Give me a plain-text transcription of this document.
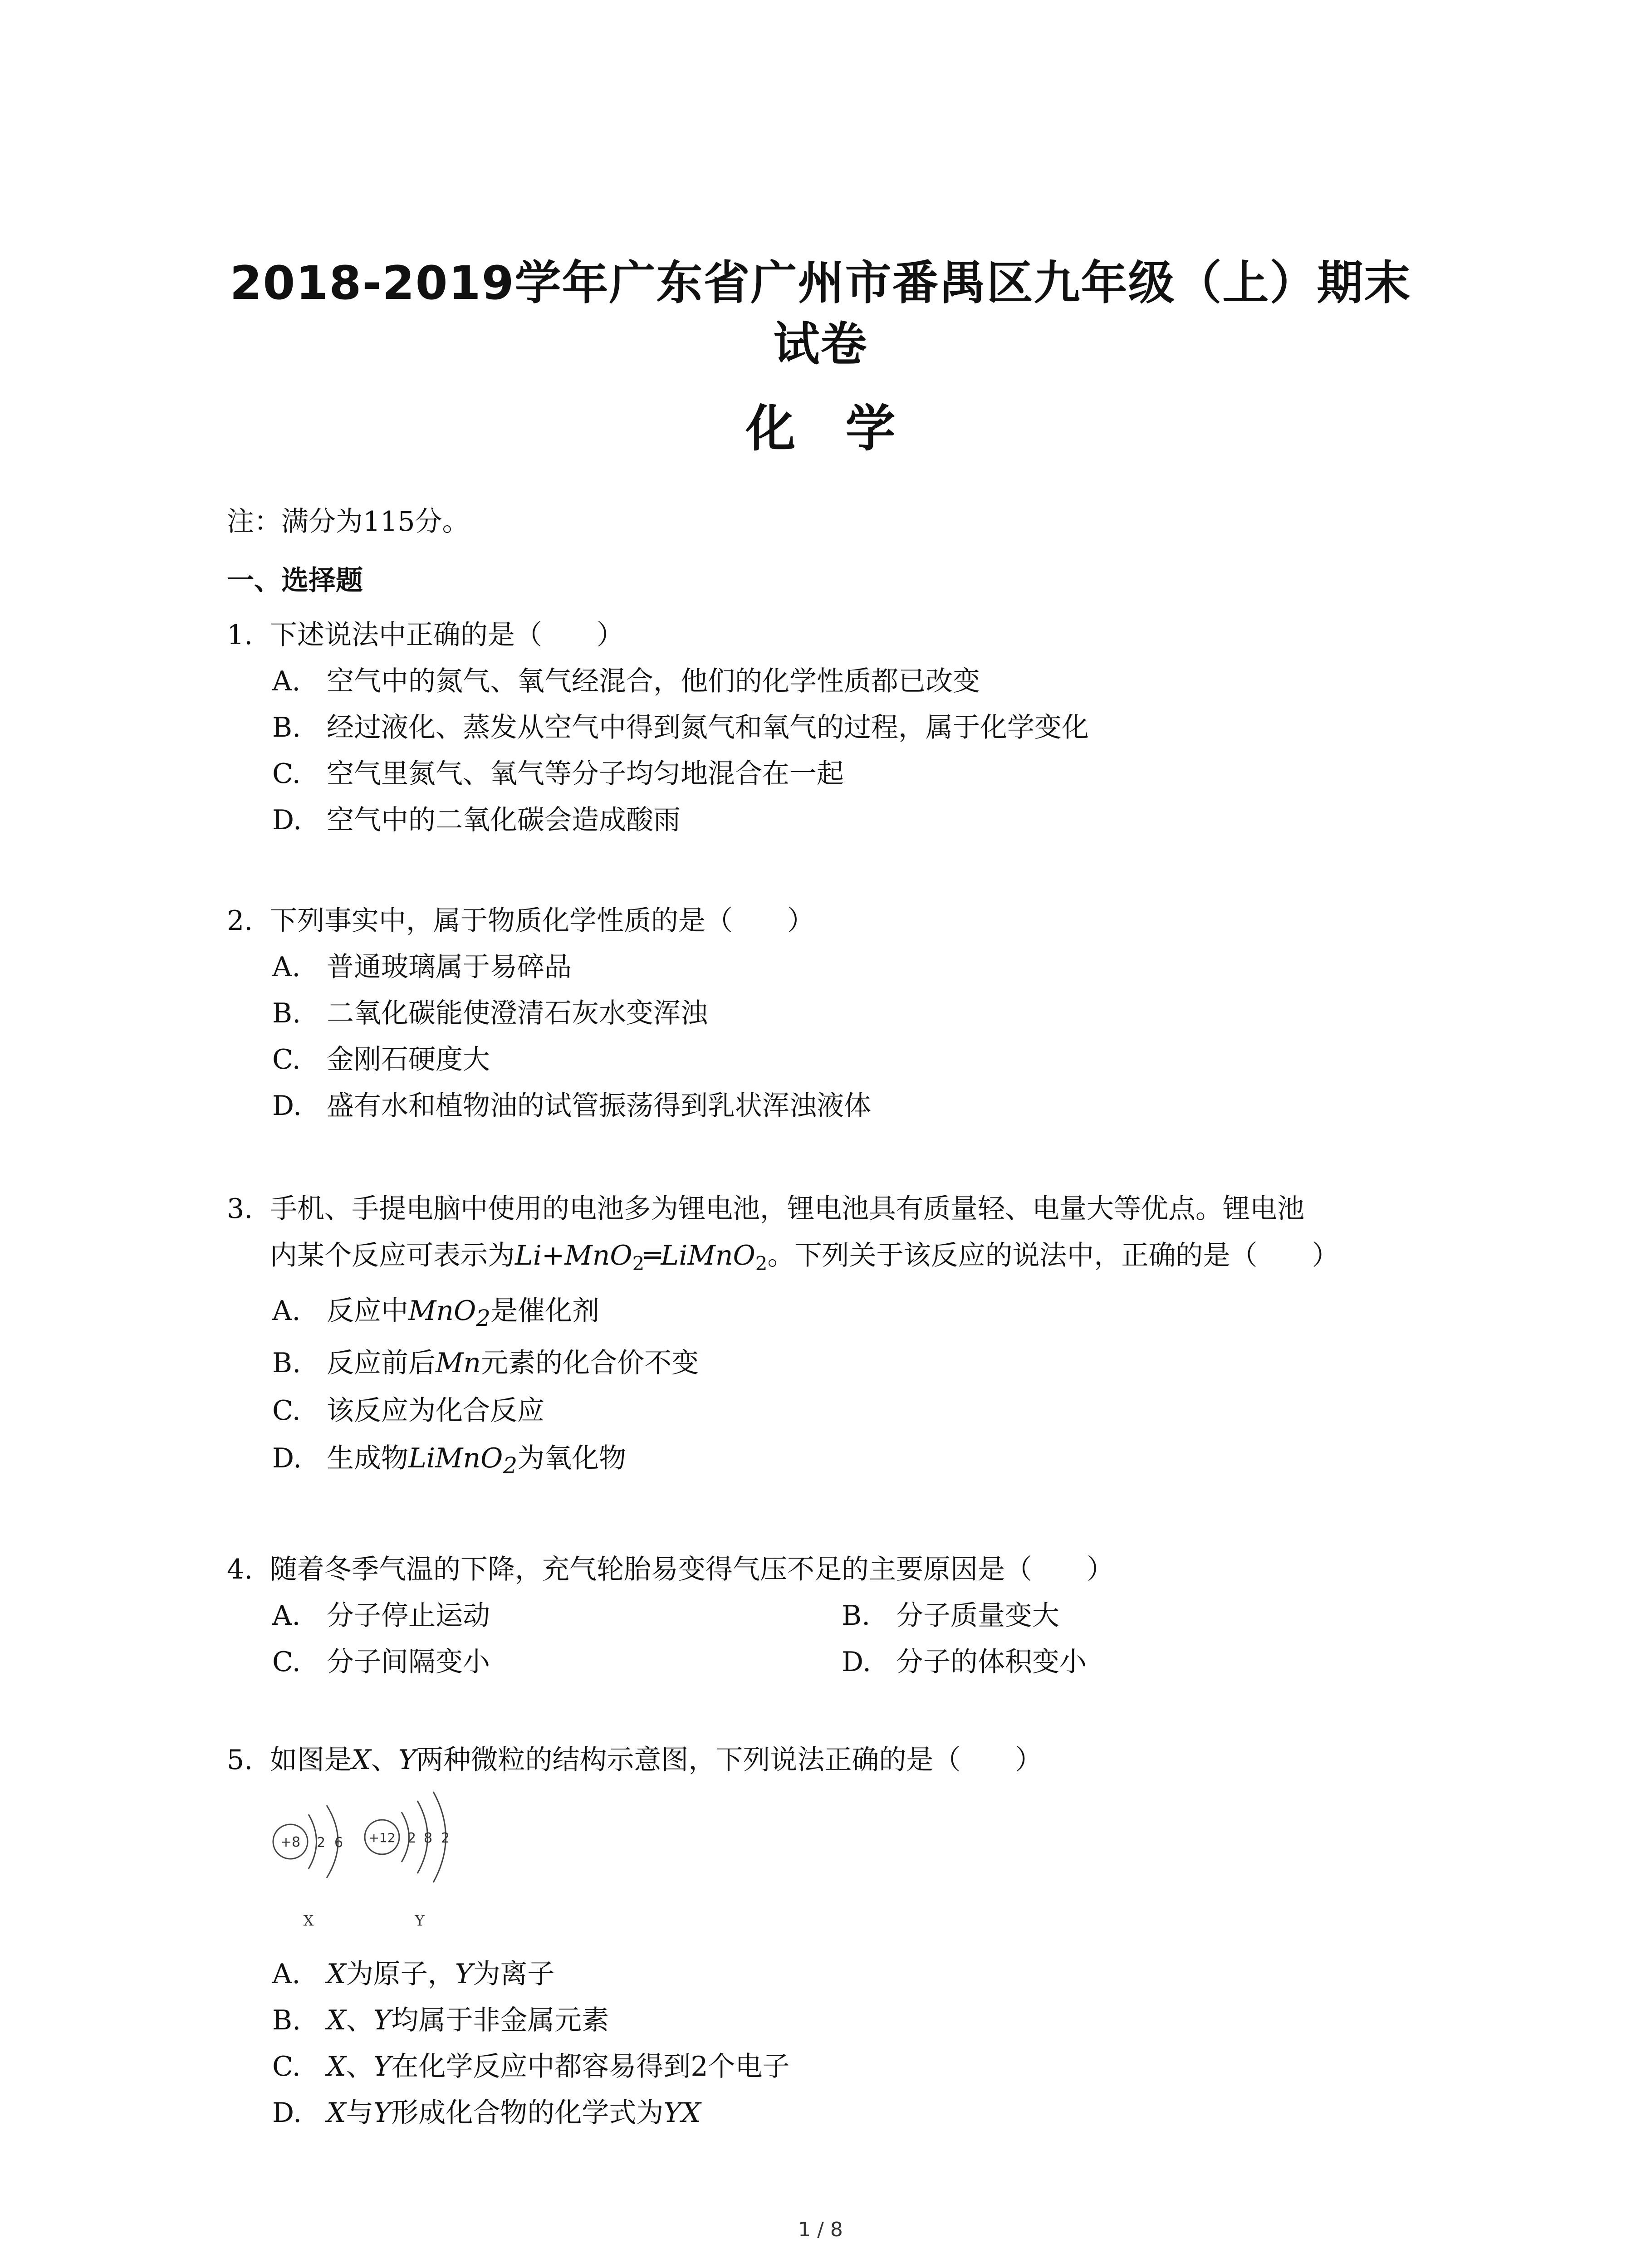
2018-2019学年广东省广州市番禺区九年级（上）期末
试卷
化 学
注：满分为115分。
一、选择题
1. 下述说法中正确的是（　　）
A. 空气中的氮气、氧气经混合，他们的化学性质都已改变
B. 经过液化、蒸发从空气中得到氮气和氧气的过程，属于化学变化
C. 空气里氮气、氧气等分子均匀地混合在一起
D. 空气中的二氧化碳会造成酸雨
2. 下列事实中，属于物质化学性质的是（　　）
A. 普通玻璃属于易碎品
B. 二氧化碳能使澄清石灰水变浑浊
C. 金刚石硬度大
D. 盛有水和植物油的试管振荡得到乳状浑浊液体
3. 手机、手提电脑中使用的电池多为锂电池，锂电池具有质量轻、电量大等优点。锂电池
内某个反应可表示为Li+MnO$_2$═LiMnO$_2$。下列关于该反应的说法中，正确的是（　　）
A. 反应中MnO$_2$是催化剂
B. 反应前后Mn元素的化合价不变
C. 该反应为化合反应
D. 生成物LiMnO$_2$为氧化物
4. 随着冬季气温的下降，充气轮胎易变得气压不足的主要原因是（　　）
A. 分子停止运动	B. 分子质量变大
C. 分子间隔变小	D. 分子的体积变小
5. 如图是X、Y两种微粒的结构示意图，下列说法正确的是（　　）
+8 2 6
X
+12 2 8 2
Y
A. X为原子，Y为离子
B. X、Y均属于非金属元素
C. X、Y在化学反应中都容易得到2个电子
D. X与Y形成化合物的化学式为YX
1 / 8
